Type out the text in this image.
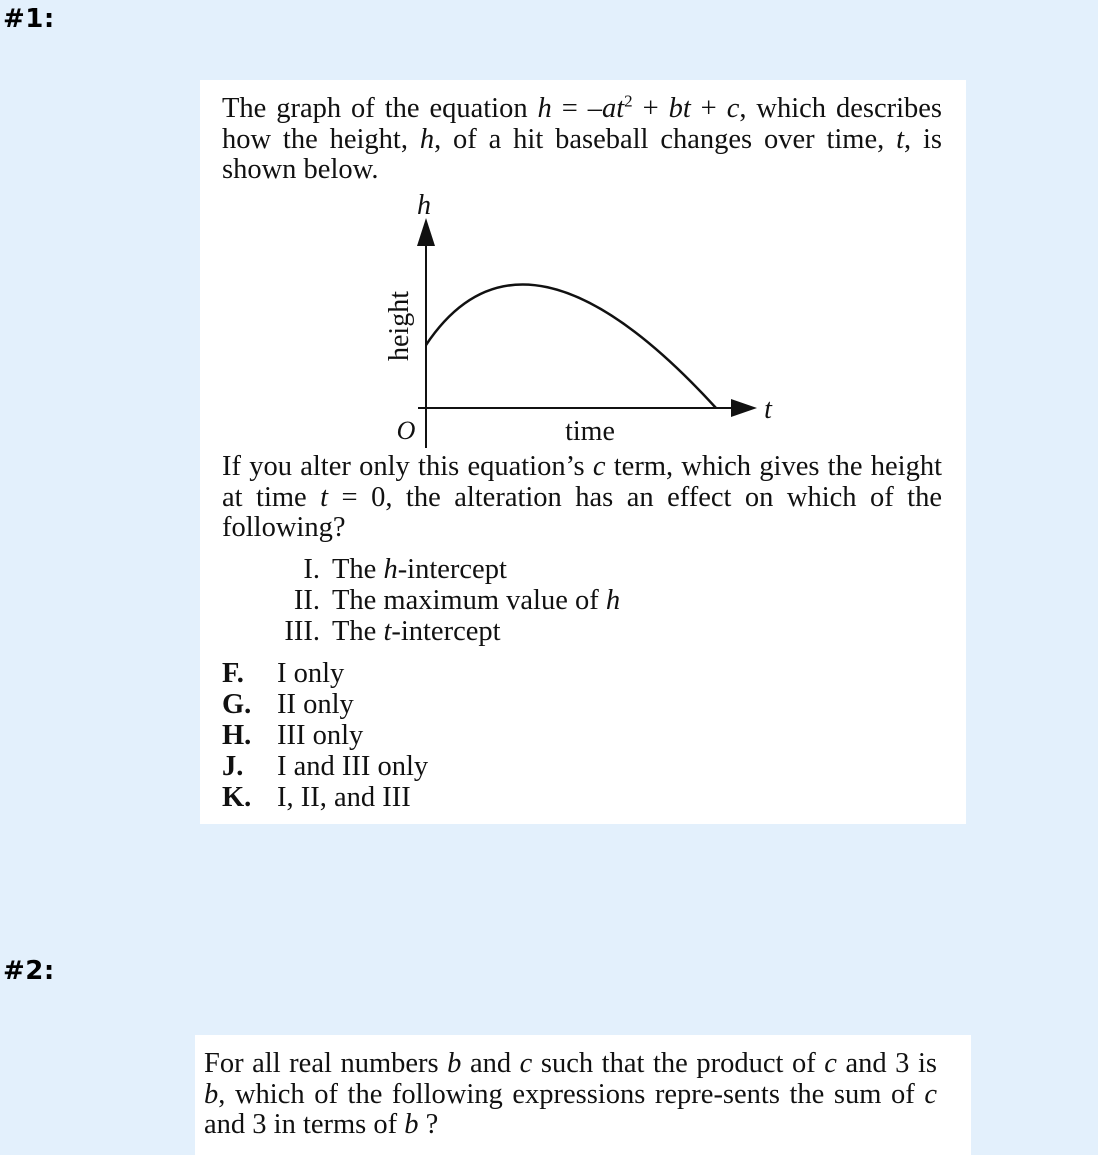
#1:

The graph of the equation $h = -at^2$ + bt + c, which describes how the height, h, of a hit baseball changes over time, t, is shown below.

h
height
t
time
O

If you alter only this equation’s c term, which gives the height at time t = 0, the alteration has an effect on which of the following?

I. The h-intercept

II. The maximum value of h

III. The t-intercept

F. I only

G. II only

H. III only

J. I and III only

K. I, II, and III

#2:

For all real numbers b and c such that the product of c and 3 is b, which of the following expressions repre-sents the sum of c and 3 in terms of b ?
